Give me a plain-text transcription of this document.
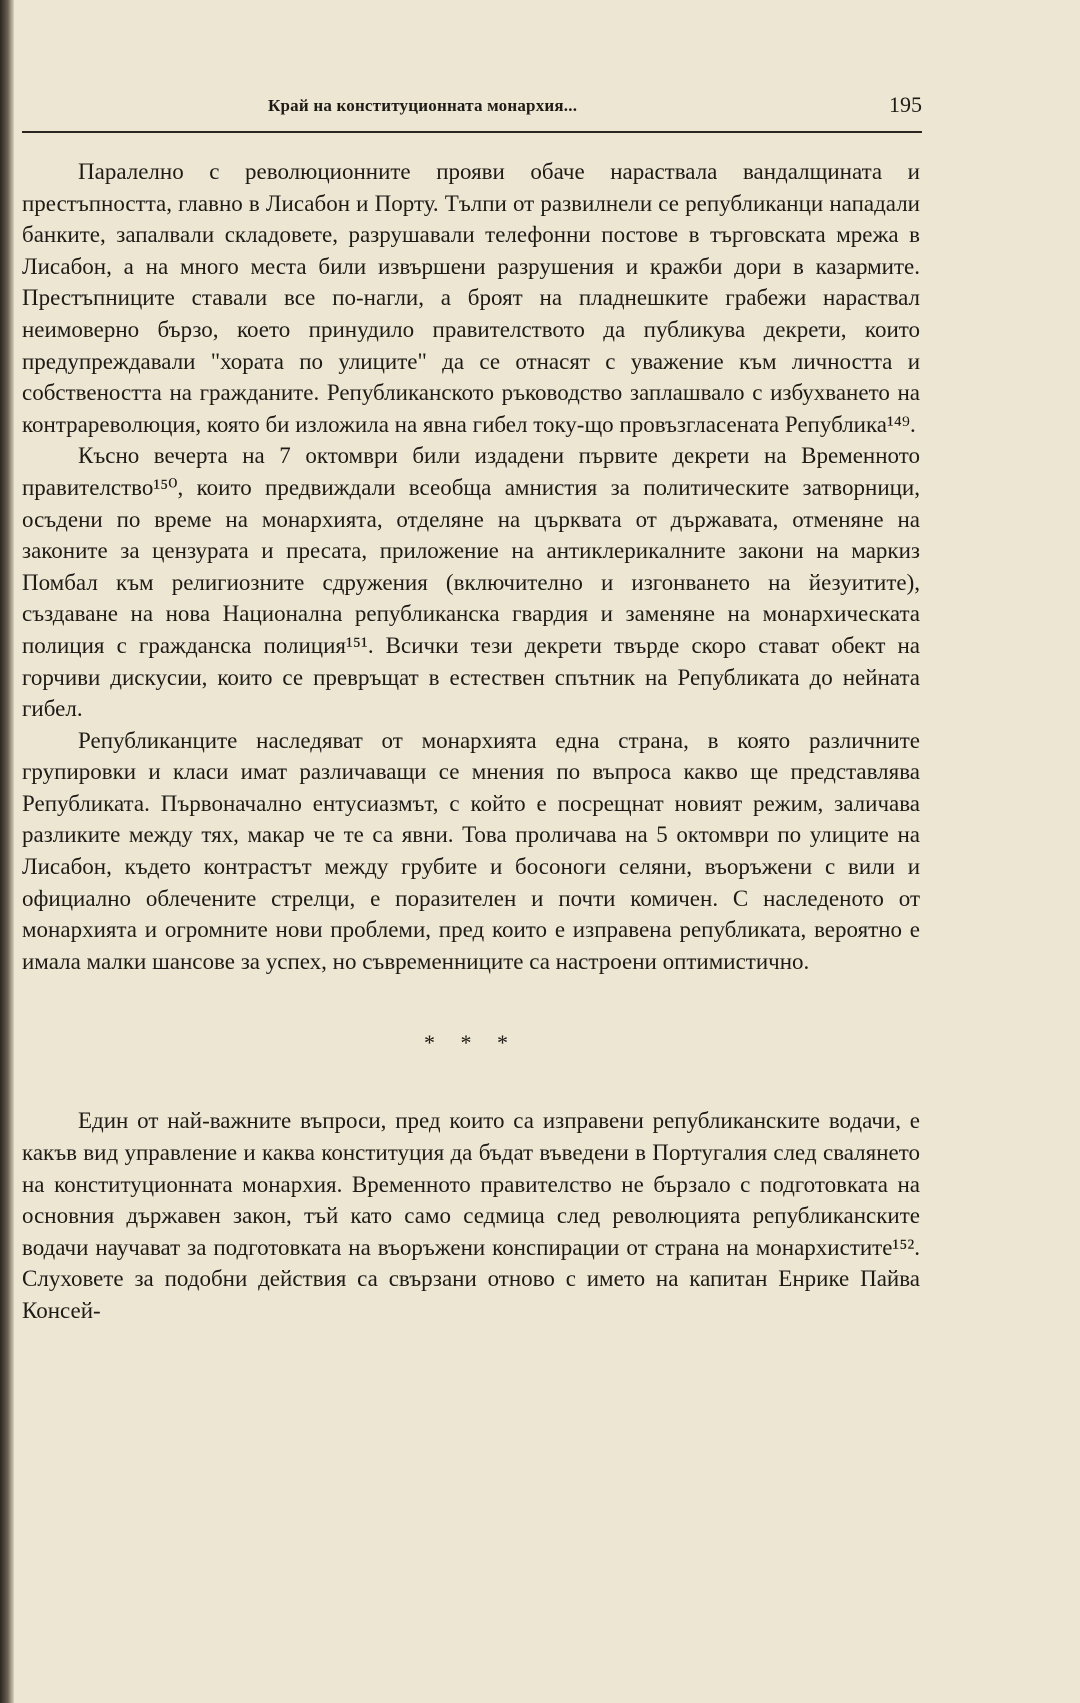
Край на конституционната монархия...	195

Паралелно с революционните прояви обаче нараствала вандалщината и престъпността, главно в Лисабон и Порту. Тълпи от развилнели се републиканци нападали банките, запалвали складовете, разрушавали телефонни постове в търговската мрежа в Лисабон, а на много места били извършени разрушения и кражби дори в казармите. Престъпниците ставали все по-нагли, а броят на пладнешките грабежи нараствал неимоверно бързо, което принудило правителството да публикува декрети, които предупреждавали "хората по улиците" да се отнасят с уважение към личността и собствеността на гражданите. Републиканското ръководство заплашвало с избухването на контрареволюция, която би изложила на явна гибел току-що провъзгласената Република¹⁴⁹.

Късно вечерта на 7 октомври били издадени първите декрети на Временното правителство¹⁵⁰, които предвиждали всеобща амнистия за политическите затворници, осъдени по време на монархията, отделяне на църквата от държавата, отменяне на законите за цензурата и пресата, приложение на антиклерикалните закони на маркиз Помбал към религиозните сдружения (включително и изгонването на йезуитите), създаване на нова Национална републиканска гвардия и заменяне на монархическата полиция с гражданска полиция¹⁵¹. Всички тези декрети твърде скоро стават обект на горчиви дискусии, които се превръщат в естествен спътник на Републиката до нейната гибел.

Републиканците наследяват от монархията една страна, в която различните групировки и класи имат различаващи се мнения по въпроса какво ще представлява Републиката. Първоначално ентусиазмът, с който е посрещнат новият режим, заличава разликите между тях, макар че те са явни. Това проличава на 5 октомври по улиците на Лисабон, където контрастът между грубите и босоноги селяни, въоръжени с вили и официално облечените стрелци, е поразителен и почти комичен. С наследеното от монархията и огромните нови проблеми, пред които е изправена републиката, вероятно е имала малки шансове за успех, но съвременниците са настроени оптимистично.

* * *

Един от най-важните въпроси, пред които са изправени републиканските водачи, е какъв вид управление и каква конституция да бъдат въведени в Португалия след свалянето на конституционната монархия. Временното правителство не бързало с подготовката на основния държавен закон, тъй като само седмица след революцията републиканските водачи научават за подготовката на въоръжени конспирации от страна на монархистите¹⁵². Слуховете за подобни действия са свързани отново с името на капитан Енрике Пайва Консей-
